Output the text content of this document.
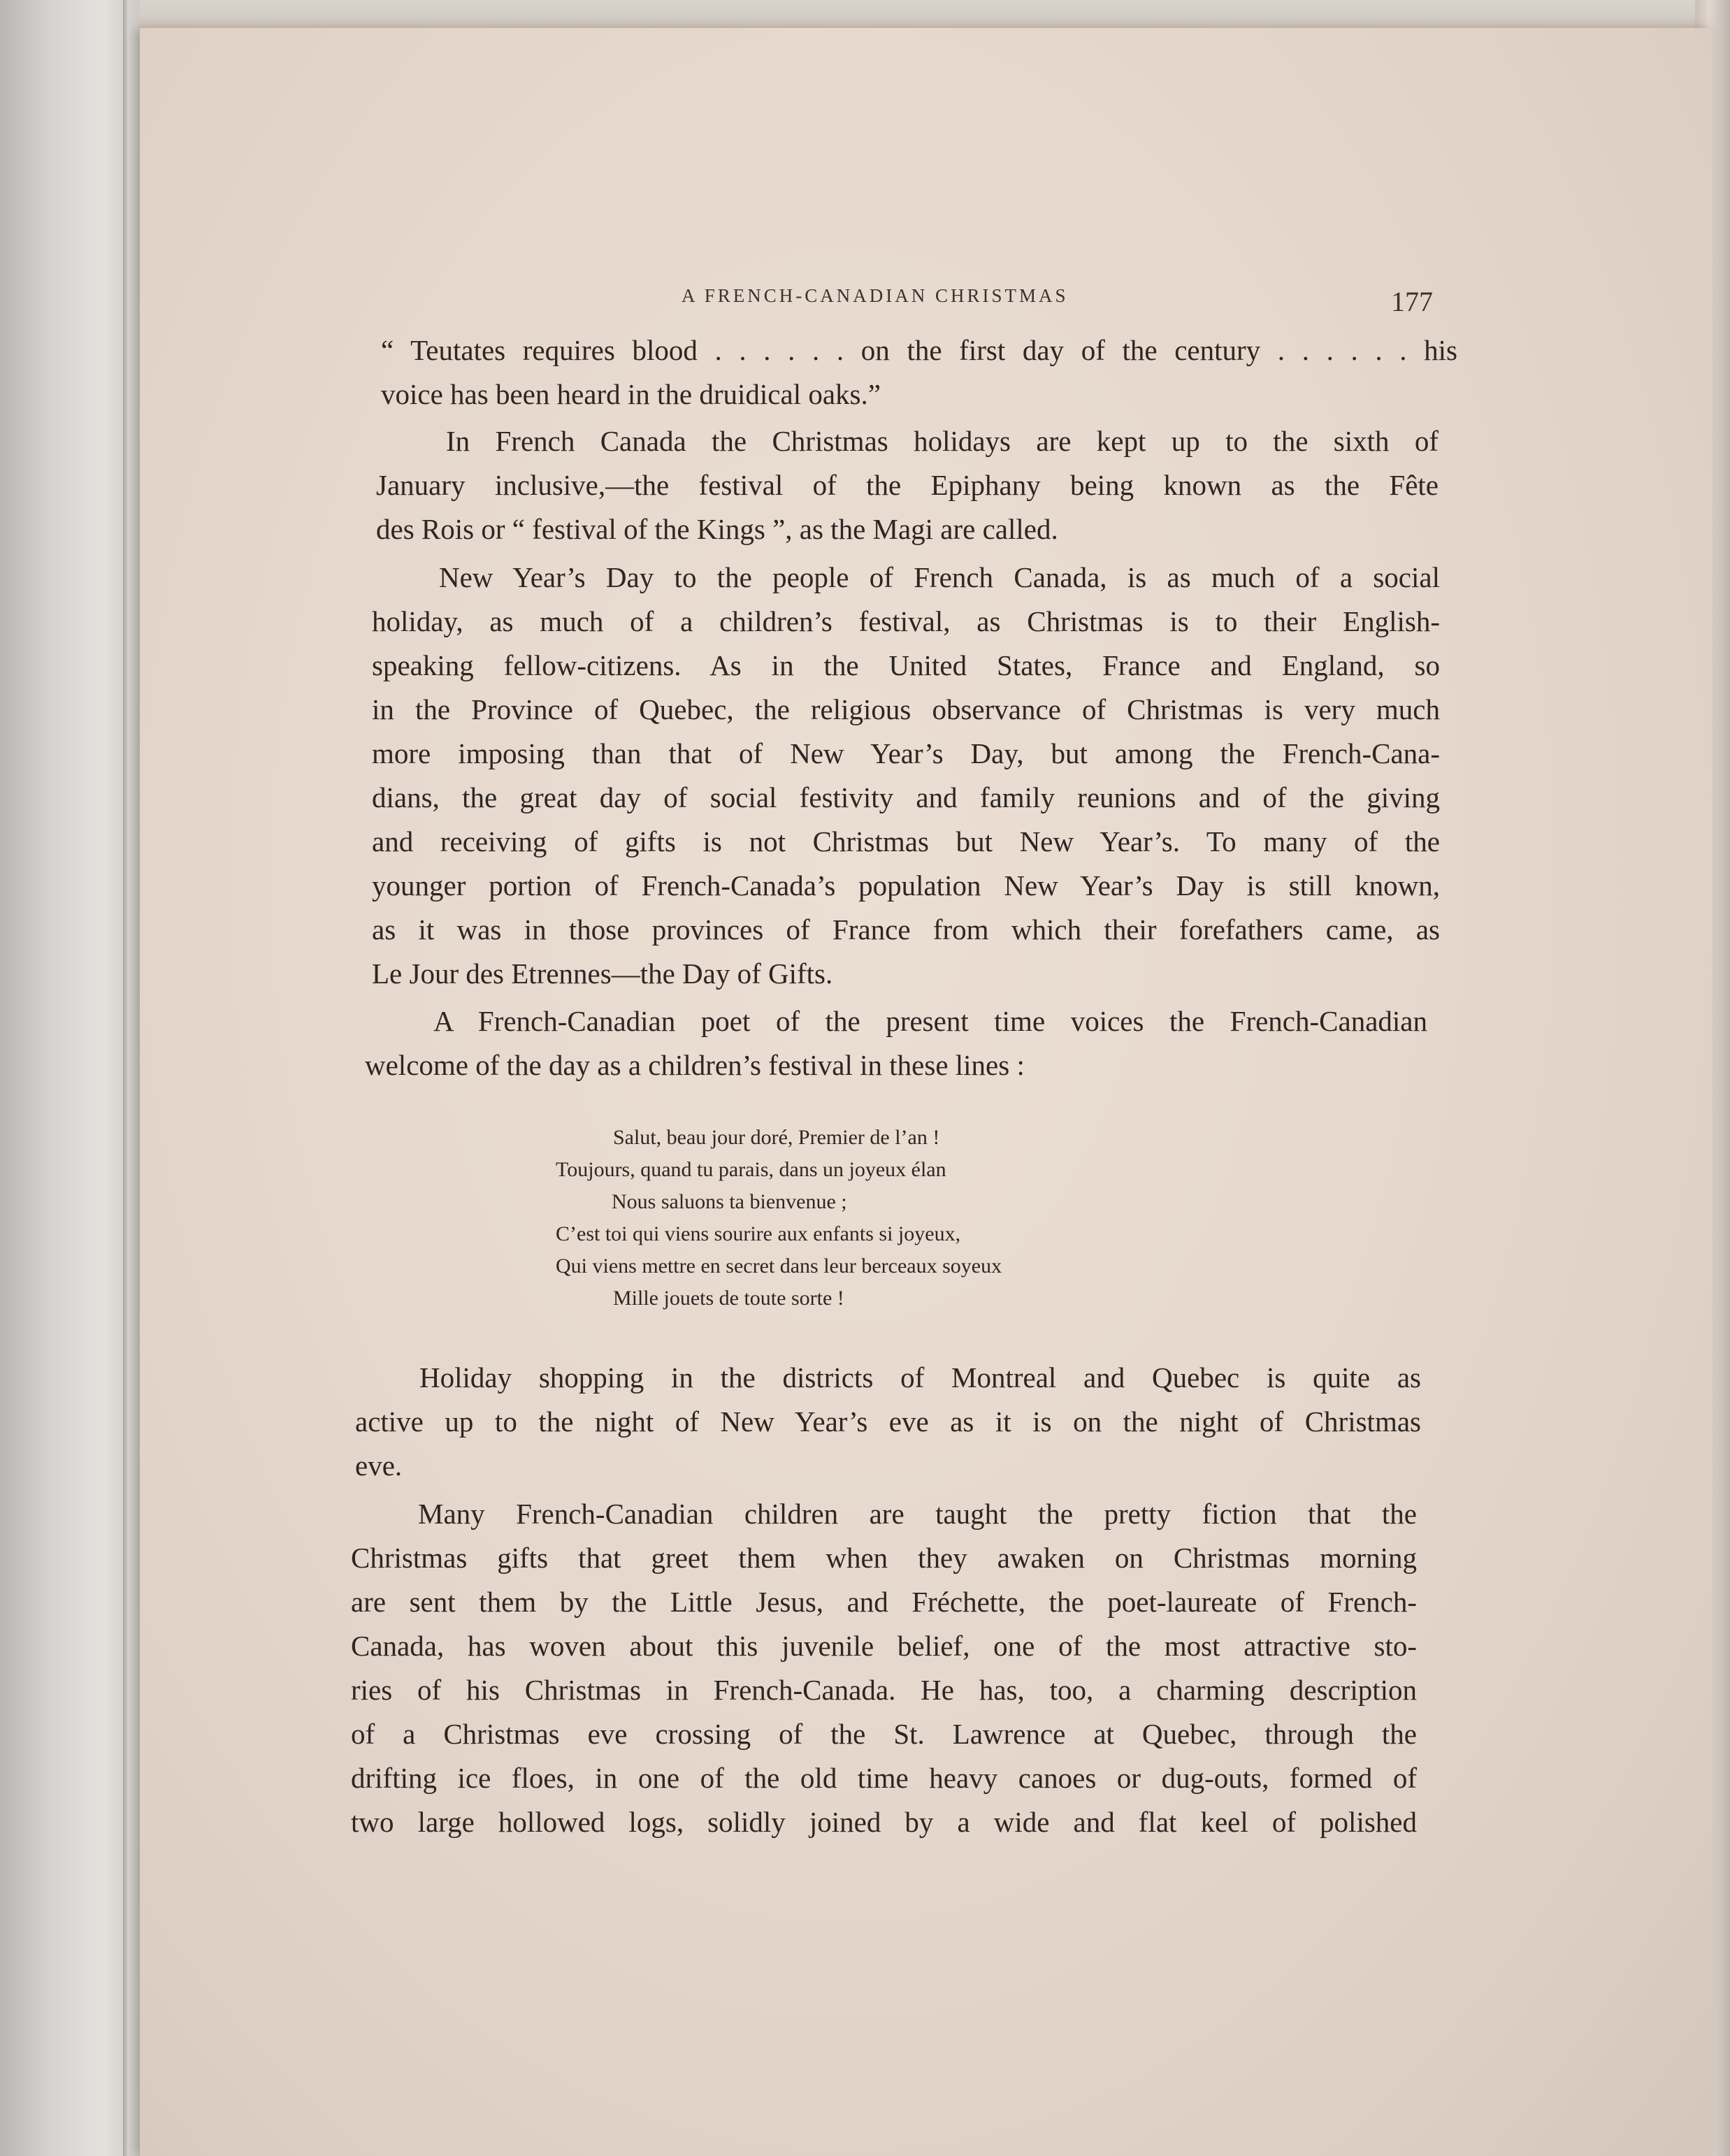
A FRENCH-CANADIAN CHRISTMAS	177
“ Teutates requires blood . . . . . . on the first day of the century . . . . . . his
voice has been heard in the druidical oaks.”
In French Canada the Christmas holidays are kept up to the sixth of
January inclusive,—the festival of the Epiphany being known as the Fête
des Rois or “ festival of the Kings ”, as the Magi are called.
New Year’s Day to the people of French Canada, is as much of a social
holiday, as much of a children’s festival, as Christmas is to their English-
speaking fellow-citizens. As in the United States, France and England, so
in the Province of Quebec, the religious observance of Christmas is very much
more imposing than that of New Year’s Day, but among the French-Cana-
dians, the great day of social festivity and family reunions and of the giving
and receiving of gifts is not Christmas but New Year’s. To many of the
younger portion of French-Canada’s population New Year’s Day is still known,
as it was in those provinces of France from which their forefathers came, as
Le Jour des Etrennes—the Day of Gifts.
A French-Canadian poet of the present time voices the French-Canadian
welcome of the day as a children’s festival in these lines :
Salut, beau jour doré, Premier de l’an !
Toujours, quand tu parais, dans un joyeux élan
Nous saluons ta bienvenue ;
C’est toi qui viens sourire aux enfants si joyeux,
Qui viens mettre en secret dans leur berceaux soyeux
Mille jouets de toute sorte !
Holiday shopping in the districts of Montreal and Quebec is quite as
active up to the night of New Year’s eve as it is on the night of Christmas
eve.
Many French-Canadian children are taught the pretty fiction that the
Christmas gifts that greet them when they awaken on Christmas morning
are sent them by the Little Jesus, and Fréchette, the poet-laureate of French-
Canada, has woven about this juvenile belief, one of the most attractive sto-
ries of his Christmas in French-Canada. He has, too, a charming description
of a Christmas eve crossing of the St. Lawrence at Quebec, through the
drifting ice floes, in one of the old time heavy canoes or dug-outs, formed of
two large hollowed logs, solidly joined by a wide and flat keel of polished
